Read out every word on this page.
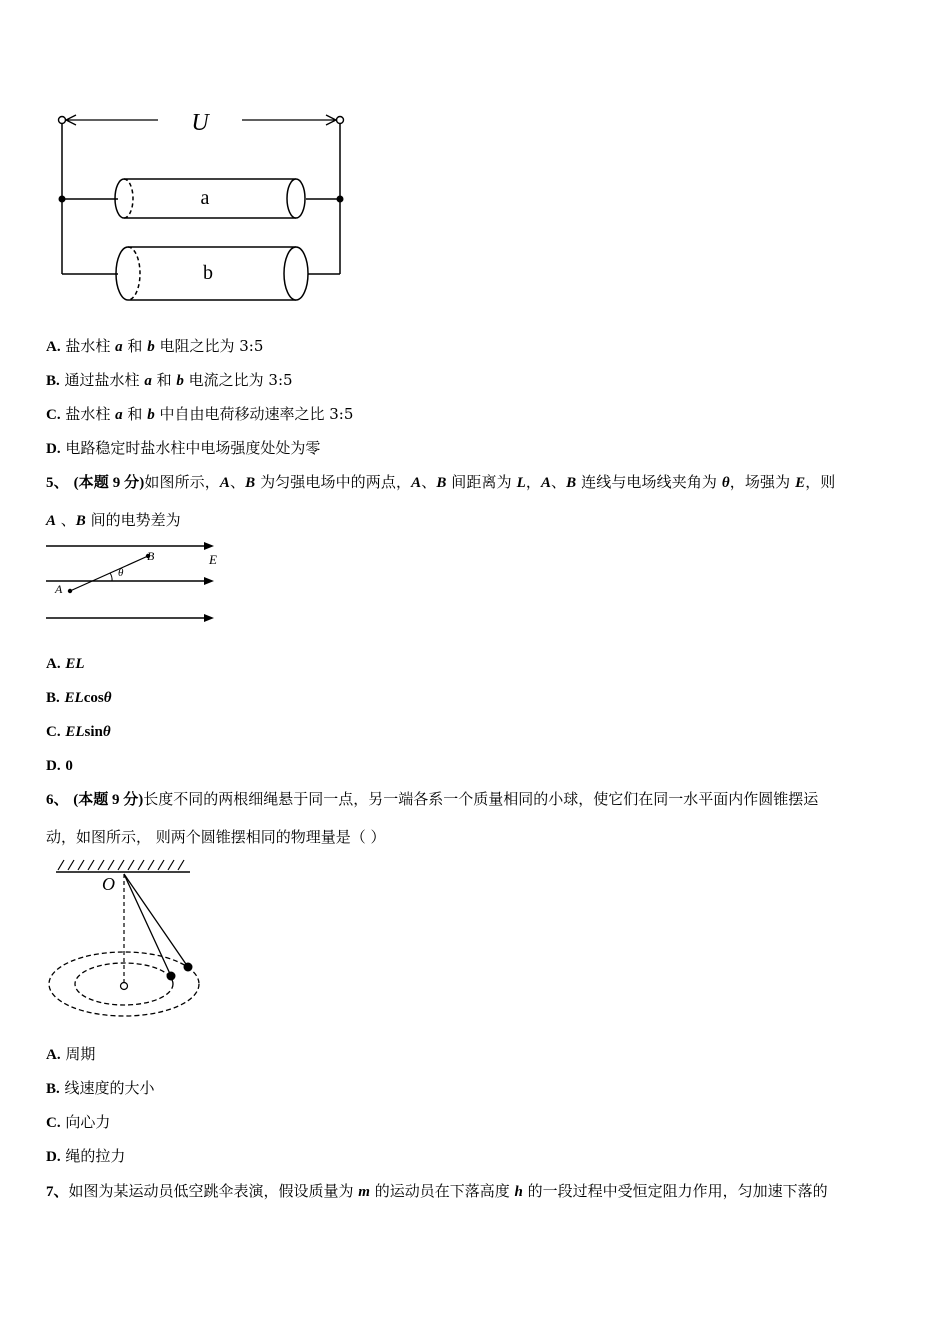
U
a
b
A. 盐水柱 a 和 b 电阻之比为 3:5
B. 通过盐水柱 a 和 b 电流之比为 3:5
C. 盐水柱 a 和 b 中自由电荷移动速率之比 3:5
D. 电路稳定时盐水柱中电场强度处处为零
5、 (本题 9 分)如图所示，A、B 为匀强电场中的两点，A、B 间距离为 L，A、B 连线与电场线夹角为 θ，场强为 E，则
A 、B 间的电势差为
B
A
E
θ
A. EL
B. ELcosθ
C. ELsinθ
D. 0
6、 (本题 9 分)长度不同的两根细绳悬于同一点，另一端各系一个质量相同的小球，使它们在同一水平面内作圆锥摆运
动，如图所示， 则两个圆锥摆相同的物理量是（ ）
O
A. 周期
B. 线速度的大小
C. 向心力
D. 绳的拉力
7、如图为某运动员低空跳伞表演，假设质量为 m 的运动员在下落高度 h 的一段过程中受恒定阻力作用，匀加速下落的
